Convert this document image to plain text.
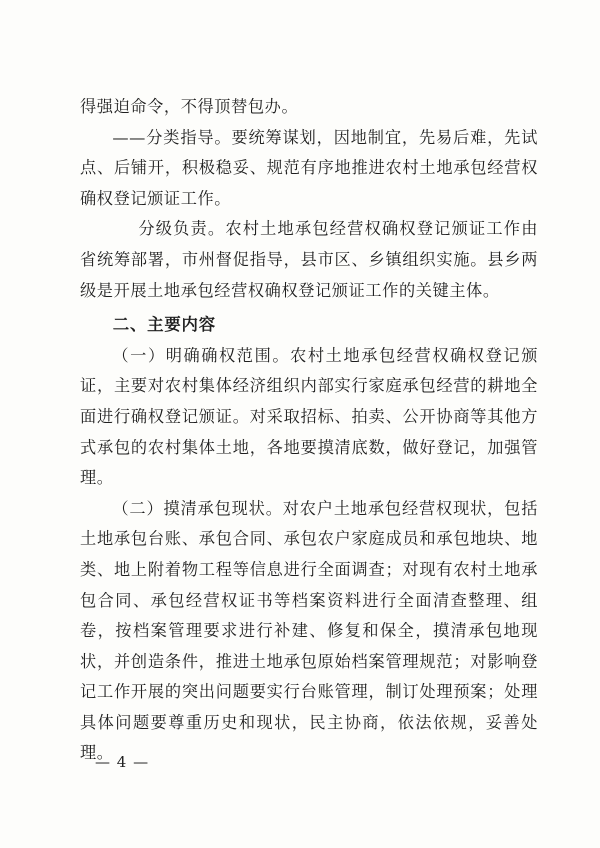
得强迫命令，不得顶替包办。

——分类指导。要统筹谋划，因地制宜，先易后难，先试点、后铺开，积极稳妥、规范有序地推进农村土地承包经营权确权登记颁证工作。

分级负责。农村土地承包经营权确权登记颁证工作由省统筹部署，市州督促指导，县市区、乡镇组织实施。县乡两级是开展土地承包经营权确权登记颁证工作的关键主体。

二、主要内容

（一）明确确权范围。农村土地承包经营权确权登记颁证，主要对农村集体经济组织内部实行家庭承包经营的耕地全面进行确权登记颁证。对采取招标、拍卖、公开协商等其他方式承包的农村集体土地，各地要摸清底数，做好登记，加强管理。

（二）摸清承包现状。对农户土地承包经营权现状，包括土地承包台账、承包合同、承包农户家庭成员和承包地块、地类、地上附着物工程等信息进行全面调查；对现有农村土地承包合同、承包经营权证书等档案资料进行全面清查整理、组卷，按档案管理要求进行补建、修复和保全，摸清承包地现状，并创造条件，推进土地承包原始档案管理规范；对影响登记工作开展的突出问题要实行台账管理，制订处理预案；处理具体问题要尊重历史和现状，民主协商，依法依规，妥善处理。

— 4 —
